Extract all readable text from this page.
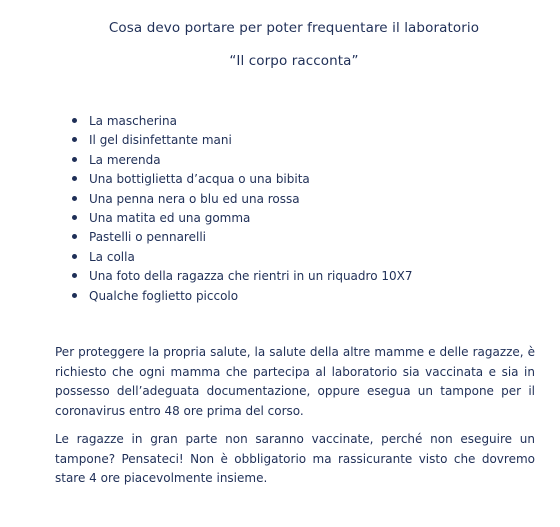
Cosa devo portare per poter frequentare il laboratorio
“Il corpo racconta”
La mascherina
Il gel disinfettante mani
La merenda
Una bottiglietta d’acqua o una bibita
Una penna nera o blu ed una rossa
Una matita ed una gomma
Pastelli o pennarelli
La colla
Una foto della ragazza che rientri in un riquadro 10X7
Qualche foglietto piccolo

Per proteggere la propria salute, la salute della altre mamme e delle ragazze, è richiesto che ogni mamma che partecipa al laboratorio sia vaccinata e sia in possesso dell’adeguata documentazione, oppure esegua un tampone per il coronavirus entro 48 ore prima del corso.

Le ragazze in gran parte non saranno vaccinate, perché non eseguire un tampone? Pensateci! Non è obbligatorio ma rassicurante visto che dovremo stare 4 ore piacevolmente insieme.
